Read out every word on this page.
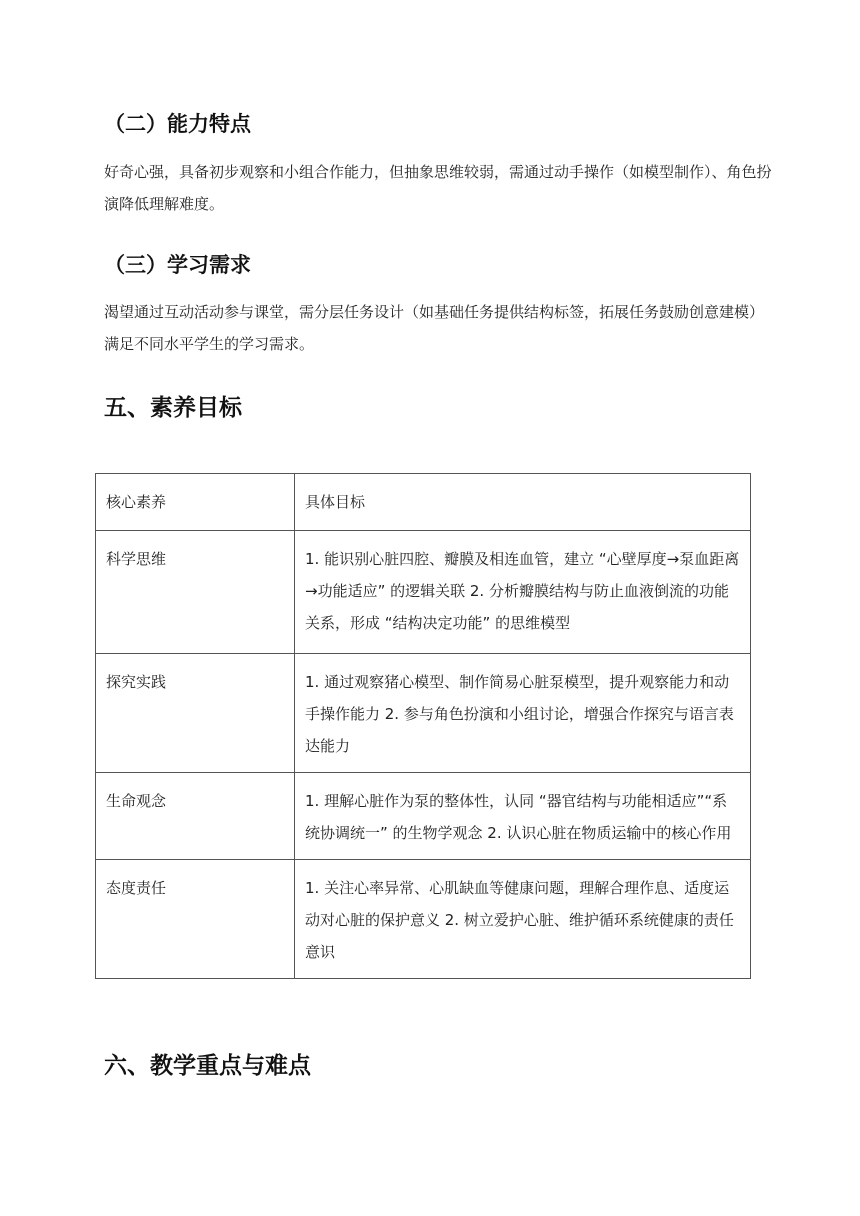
（二）能力特点

好奇心强，具备初步观察和小组合作能力，但抽象思维较弱，需通过动手操作（如模型制作）、角色扮演降低理解难度。

（三）学习需求

渴望通过互动活动参与课堂，需分层任务设计（如基础任务提供结构标签，拓展任务鼓励创意建模）满足不同水平学生的学习需求。

五、素养目标
核心素养	具体目标
科学思维	1. 能识别心脏四腔、瓣膜及相连血管，建立 “心壁厚度→泵血距离→功能适应” 的逻辑关联 2. 分析瓣膜结构与防止血液倒流的功能关系，形成 “结构决定功能” 的思维模型
探究实践	1. 通过观察猪心模型、制作简易心脏泵模型，提升观察能力和动手操作能力 2. 参与角色扮演和小组讨论，增强合作探究与语言表达能力
生命观念	1. 理解心脏作为泵的整体性，认同 “器官结构与功能相适应”“系统协调统一” 的生物学观念 2. 认识心脏在物质运输中的核心作用
态度责任	1. 关注心率异常、心肌缺血等健康问题，理解合理作息、适度运动对心脏的保护意义 2. 树立爱护心脏、维护循环系统健康的责任意识
六、教学重点与难点
